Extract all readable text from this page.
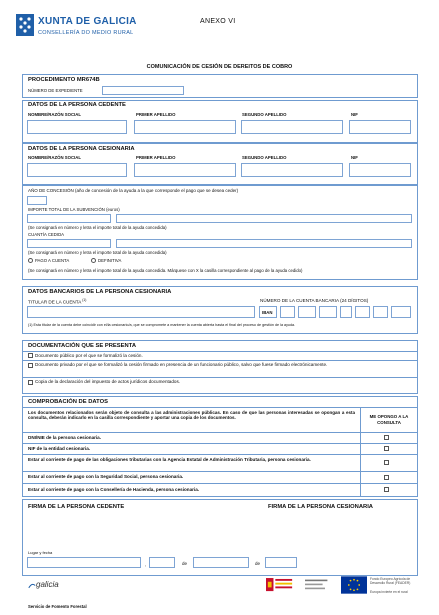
XUNTA DE GALICIA
CONSELLERÍA DO MEDIO RURAL
ANEXO VI
COMUNICACIÓN DE CESIÓN DE DEREITOS DE COBRO
PROCEDIMENTO MR674B
NÚMERO DE EXPEDIENTE
DATOS DE LA PERSONA CEDENTE
NOMBRE/RAZÓN SOCIAL	PRIMER APELLIDO	SEGUNDO APELLIDO	NIF
DATOS DE LA PERSONA CESIONARIA
NOMBRE/RAZÓN SOCIAL	PRIMER APELLIDO	SEGUNDO APELLIDO	NIF
AÑO DE CONCESIÓN (año de concesión de la ayuda a la que corresponde el pago que se desea ceder)
IMPORTE TOTAL DE LA SUBVENCIÓN (euros)
(Se consignará en número y letra el importe total de la ayuda concedida)
CUANTÍA CEDIDA
(Se consignará en número y letra el importe total de la ayuda concedida)
PAGO A CUENTA	DEFINITIVA
(Se consignará en número y letra el importe total de la ayuda concedida. Márquese con X la casilla correspondiente al pago de la ayuda cedido)
DATOS BANCARIOS DE LA PERSONA CESIONARIA
TITULAR DE LA CUENTA $^{(1)}$	NÚMERO DE LA CUENTA BANCARIA (24 DÍGITOS)
IBAN
(1) Esta titular de la cuenta debe coincidir con el/la cesionario/a, que se compromete a mantener la cuenta abierta hasta el final del proceso de gestión de la ayuda.
DOCUMENTACIÓN QUE SE PRESENTA
Documento público por el que se formalizó la cesión.
Documento privado por el que se formalizó la cesión firmado en presencia de un funcionario público, salvo que fuese firmado electrónicamente.
Copia de la declaración del impuesto de actos jurídicos documentados.
COMPROBACIÓN DE DATOS
Los documentos relacionados serán objeto de consulta a las administraciones públicas. En caso de que las personas interesadas se opongan a esta consulta, deberán indicarlo en la casilla correspondiente y aportar una copia de los documentos.	ME OPONGO A LA CONSULTA
DNI/NIE de la persona cesionaria.
NIF de la entidad cesionaria.
Estar al corriente de pago de las obligaciones tributarias con la Agencia Estatal de Administración Tributaria, persona cesionaria.
Estar al corriente de pago con la Seguridad Social, persona cesionaria.
Estar al corriente de pago con la Consellería de Hacienda, persona cesionaria.
FIRMA DE LA PERSONA CEDENTE	FIRMA DE LA PERSONA CESIONARIA
Lugar y fecha
,	de	de
galicia
Servicio de Fomento Forestal
Fondo Europeo Agrícola de Desarrollo Rural (FEADER)
Europa invierte en el rural
